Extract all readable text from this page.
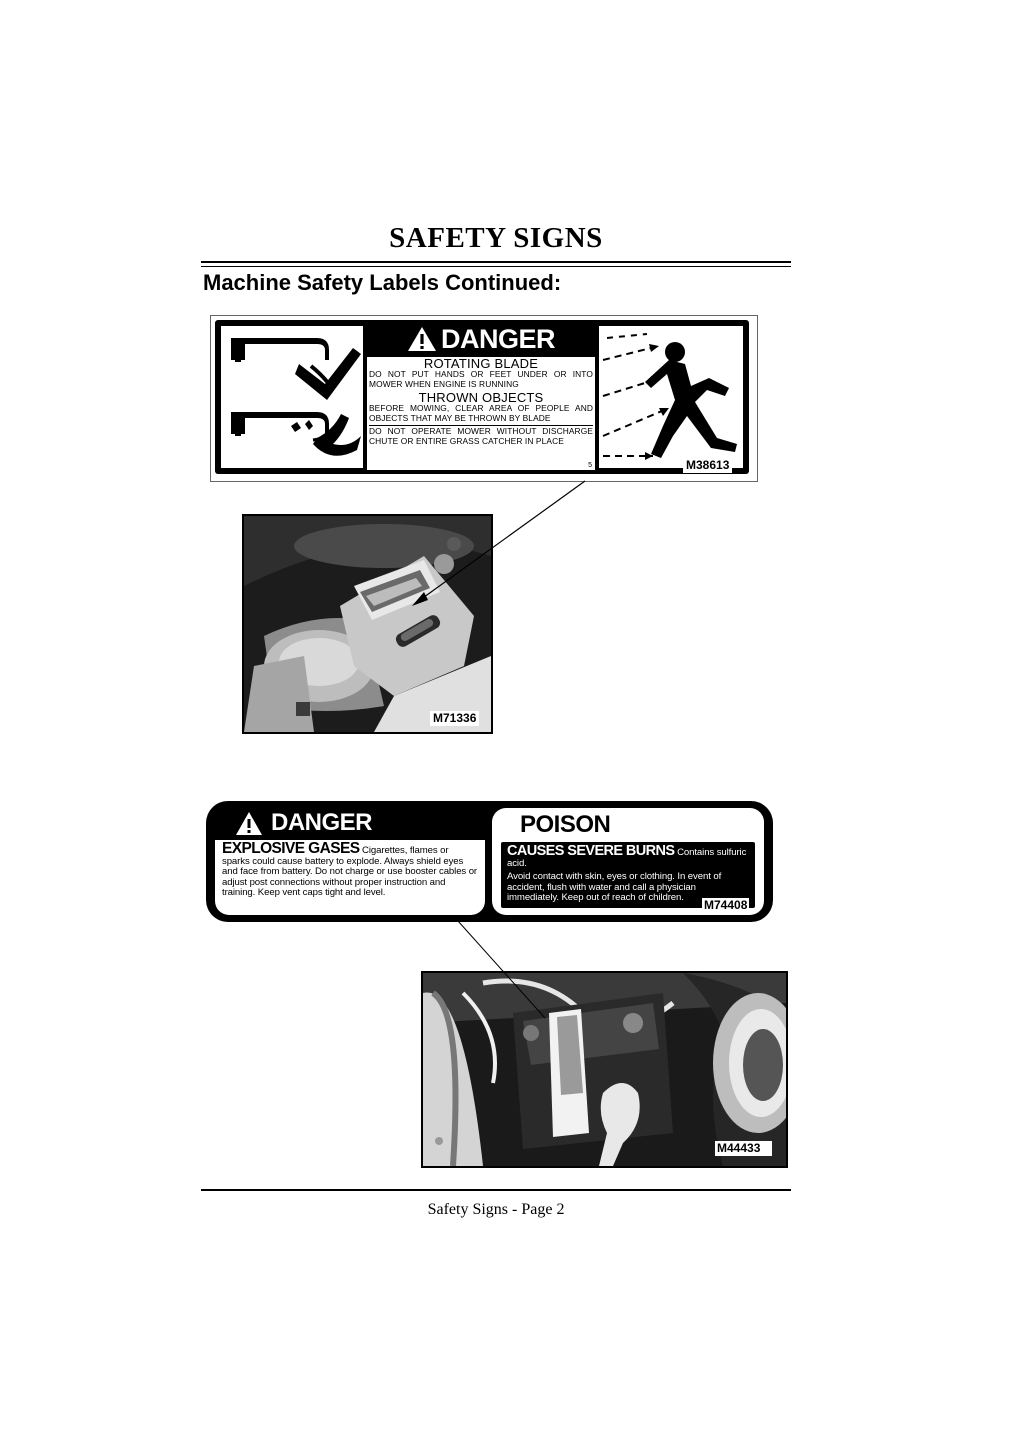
SAFETY SIGNS
Machine Safety Labels Continued:
DANGER
ROTATING BLADE
DO NOT PUT HANDS OR FEET UNDER OR INTO MOWER WHEN ENGINE IS RUNNING
THROWN OBJECTS
BEFORE MOWING, CLEAR AREA OF PEOPLE AND OBJECTS THAT MAY BE THROWN BY BLADE
DO NOT OPERATE MOWER WITHOUT DISCHARGE CHUTE OR ENTIRE GRASS CATCHER IN PLACE
5	M38613
M71336
DANGER
EXPLOSIVE GASES Cigarettes, flames or sparks could cause battery to explode. Always shield eyes and face from battery. Do not charge or use booster cables or adjust post connections without proper instruction and training. Keep vent caps tight and level.
POISON
CAUSES SEVERE BURNS Contains sulfuric acid.
Avoid contact with skin, eyes or clothing. In event of accident, flush with water and call a physician immediately. Keep out of reach of children.
M74408
M44433
Safety Signs - Page 2
